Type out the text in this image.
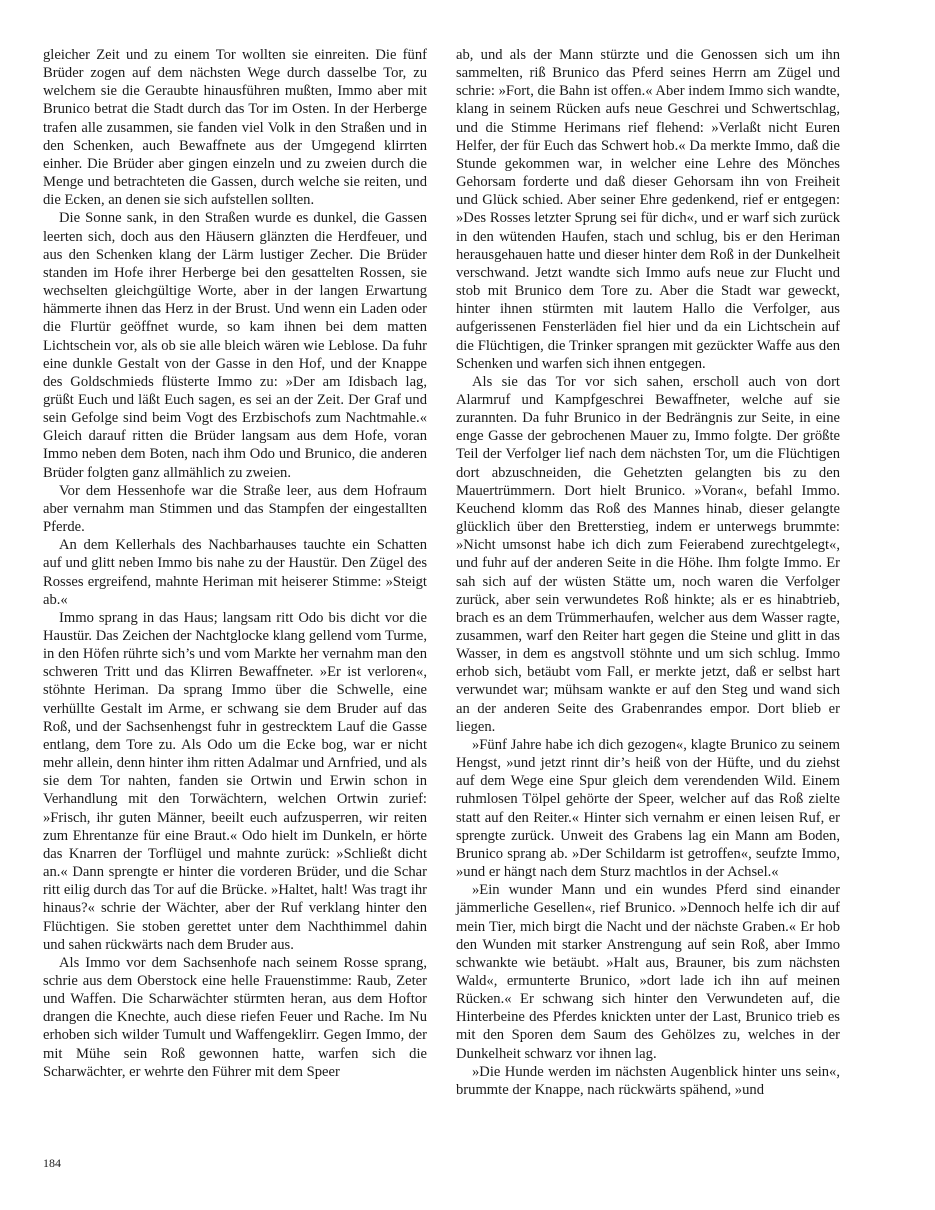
gleicher Zeit und zu einem Tor wollten sie einreiten. Die fünf Brüder zogen auf dem nächsten Wege durch dasselbe Tor, zu welchem sie die Geraubte hinausführen mußten, Immo aber mit Brunico betrat die Stadt durch das Tor im Osten. In der Herberge trafen alle zusammen, sie fanden viel Volk in den Straßen und in den Schenken, auch Bewaffnete aus der Umgegend klirrten einher. Die Brüder aber gingen einzeln und zu zweien durch die Menge und betrachteten die Gassen, durch welche sie reiten, und die Ecken, an denen sie sich aufstellen sollten.

Die Sonne sank, in den Straßen wurde es dunkel, die Gassen leerten sich, doch aus den Häusern glänzten die Herdfeuer, und aus den Schenken klang der Lärm lustiger Zecher. Die Brüder standen im Hofe ihrer Herberge bei den gesattelten Rossen, sie wechselten gleichgültige Worte, aber in der langen Erwartung hämmerte ihnen das Herz in der Brust. Und wenn ein Laden oder die Flurtür geöffnet wurde, so kam ihnen bei dem matten Lichtschein vor, als ob sie alle bleich wären wie Leblose. Da fuhr eine dunkle Gestalt von der Gasse in den Hof, und der Knappe des Goldschmieds flüsterte Immo zu: »Der am Idisbach lag, grüßt Euch und läßt Euch sagen, es sei an der Zeit. Der Graf und sein Gefolge sind beim Vogt des Erzbischofs zum Nachtmahle.« Gleich darauf ritten die Brüder langsam aus dem Hofe, voran Immo neben dem Boten, nach ihm Odo und Brunico, die anderen Brüder folgten ganz allmählich zu zweien.

Vor dem Hessenhofe war die Straße leer, aus dem Hofraum aber vernahm man Stimmen und das Stampfen der eingestallten Pferde.

An dem Kellerhals des Nachbarhauses tauchte ein Schatten auf und glitt neben Immo bis nahe zu der Haustür. Den Zügel des Rosses ergreifend, mahnte Heriman mit heiserer Stimme: »Steigt ab.«

Immo sprang in das Haus; langsam ritt Odo bis dicht vor die Haustür. Das Zeichen der Nachtglocke klang gellend vom Turme, in den Höfen rührte sich’s und vom Markte her vernahm man den schweren Tritt und das Klirren Bewaffneter. »Er ist verloren«, stöhnte Heriman. Da sprang Immo über die Schwelle, eine verhüllte Gestalt im Arme, er schwang sie dem Bruder auf das Roß, und der Sachsenhengst fuhr in gestrecktem Lauf die Gasse entlang, dem Tore zu. Als Odo um die Ecke bog, war er nicht mehr allein, denn hinter ihm ritten Adalmar und Arnfried, und als sie dem Tor nahten, fanden sie Ortwin und Erwin schon in Verhandlung mit den Torwächtern, welchen Ortwin zurief: »Frisch, ihr guten Männer, beeilt euch aufzusperren, wir reiten zum Ehrentanze für eine Braut.« Odo hielt im Dunkeln, er hörte das Knarren der Torflügel und mahnte zurück: »Schließt dicht an.« Dann sprengte er hinter die vorderen Brüder, und die Schar ritt eilig durch das Tor auf die Brücke. »Haltet, halt! Was tragt ihr hinaus?« schrie der Wächter, aber der Ruf verklang hinter den Flüchtigen. Sie stoben gerettet unter dem Nachthimmel dahin und sahen rückwärts nach dem Bruder aus.

Als Immo vor dem Sachsenhofe nach seinem Rosse sprang, schrie aus dem Oberstock eine helle Frauenstimme: Raub, Zeter und Waffen. Die Scharwächter stürmten heran, aus dem Hoftor drangen die Knechte, auch diese riefen Feuer und Rache. Im Nu erhoben sich wilder Tumult und Waffengeklirr. Gegen Immo, der mit Mühe sein Roß gewonnen hatte, warfen sich die Scharwächter, er wehrte den Führer mit dem Speer

ab, und als der Mann stürzte und die Genossen sich um ihn sammelten, riß Brunico das Pferd seines Herrn am Zügel und schrie: »Fort, die Bahn ist offen.« Aber indem Immo sich wandte, klang in seinem Rücken aufs neue Geschrei und Schwertschlag, und die Stimme Herimans rief flehend: »Verlaßt nicht Euren Helfer, der für Euch das Schwert hob.« Da merkte Immo, daß die Stunde gekommen war, in welcher eine Lehre des Mönches Gehorsam forderte und daß dieser Gehorsam ihn von Freiheit und Glück schied. Aber seiner Ehre gedenkend, rief er entgegen: »Des Rosses letzter Sprung sei für dich«, und er warf sich zurück in den wütenden Haufen, stach und schlug, bis er den Heriman herausgehauen hatte und dieser hinter dem Roß in der Dunkelheit verschwand. Jetzt wandte sich Immo aufs neue zur Flucht und stob mit Brunico dem Tore zu. Aber die Stadt war geweckt, hinter ihnen stürmten mit lautem Hallo die Verfolger, aus aufgerissenen Fensterläden fiel hier und da ein Lichtschein auf die Flüchtigen, die Trinker sprangen mit gezückter Waffe aus den Schenken und warfen sich ihnen entgegen.

Als sie das Tor vor sich sahen, erscholl auch von dort Alarmruf und Kampfgeschrei Bewaffneter, welche auf sie zurannten. Da fuhr Brunico in der Bedrängnis zur Seite, in eine enge Gasse der gebrochenen Mauer zu, Immo folgte. Der größte Teil der Verfolger lief nach dem nächsten Tor, um die Flüchtigen dort abzuschneiden, die Gehetzten gelangten bis zu den Mauertrümmern. Dort hielt Brunico. »Voran«, befahl Immo. Keuchend klomm das Roß des Mannes hinab, dieser gelangte glücklich über den Bretterstieg, indem er unterwegs brummte: »Nicht umsonst habe ich dich zum Feierabend zurechtgelegt«, und fuhr auf der anderen Seite in die Höhe. Ihm folgte Immo. Er sah sich auf der wüsten Stätte um, noch waren die Verfolger zurück, aber sein verwundetes Roß hinkte; als er es hinabtrieb, brach es an dem Trümmerhaufen, welcher aus dem Wasser ragte, zusammen, warf den Reiter hart gegen die Steine und glitt in das Wasser, in dem es angstvoll stöhnte und um sich schlug. Immo erhob sich, betäubt vom Fall, er merkte jetzt, daß er selbst hart verwundet war; mühsam wankte er auf den Steg und wand sich an der anderen Seite des Grabenrandes empor. Dort blieb er liegen.

»Fünf Jahre habe ich dich gezogen«, klagte Brunico zu seinem Hengst, »und jetzt rinnt dir’s heiß von der Hüfte, und du ziehst auf dem Wege eine Spur gleich dem verendenden Wild. Einem ruhmlosen Tölpel gehörte der Speer, welcher auf das Roß zielte statt auf den Reiter.« Hinter sich vernahm er einen leisen Ruf, er sprengte zurück. Unweit des Grabens lag ein Mann am Boden, Brunico sprang ab. »Der Schildarm ist getroffen«, seufzte Immo, »und er hängt nach dem Sturz machtlos in der Achsel.«

»Ein wunder Mann und ein wundes Pferd sind einander jämmerliche Gesellen«, rief Brunico. »Dennoch helfe ich dir auf mein Tier, mich birgt die Nacht und der nächste Graben.« Er hob den Wunden mit starker Anstrengung auf sein Roß, aber Immo schwankte wie betäubt. »Halt aus, Brauner, bis zum nächsten Wald«, ermunterte Brunico, »dort lade ich ihn auf meinen Rücken.« Er schwang sich hinter den Verwundeten auf, die Hinterbeine des Pferdes knickten unter der Last, Brunico trieb es mit den Sporen dem Saum des Gehölzes zu, welches in der Dunkelheit schwarz vor ihnen lag.

»Die Hunde werden im nächsten Augenblick hinter uns sein«, brummte der Knappe, nach rückwärts spähend, »und

184
